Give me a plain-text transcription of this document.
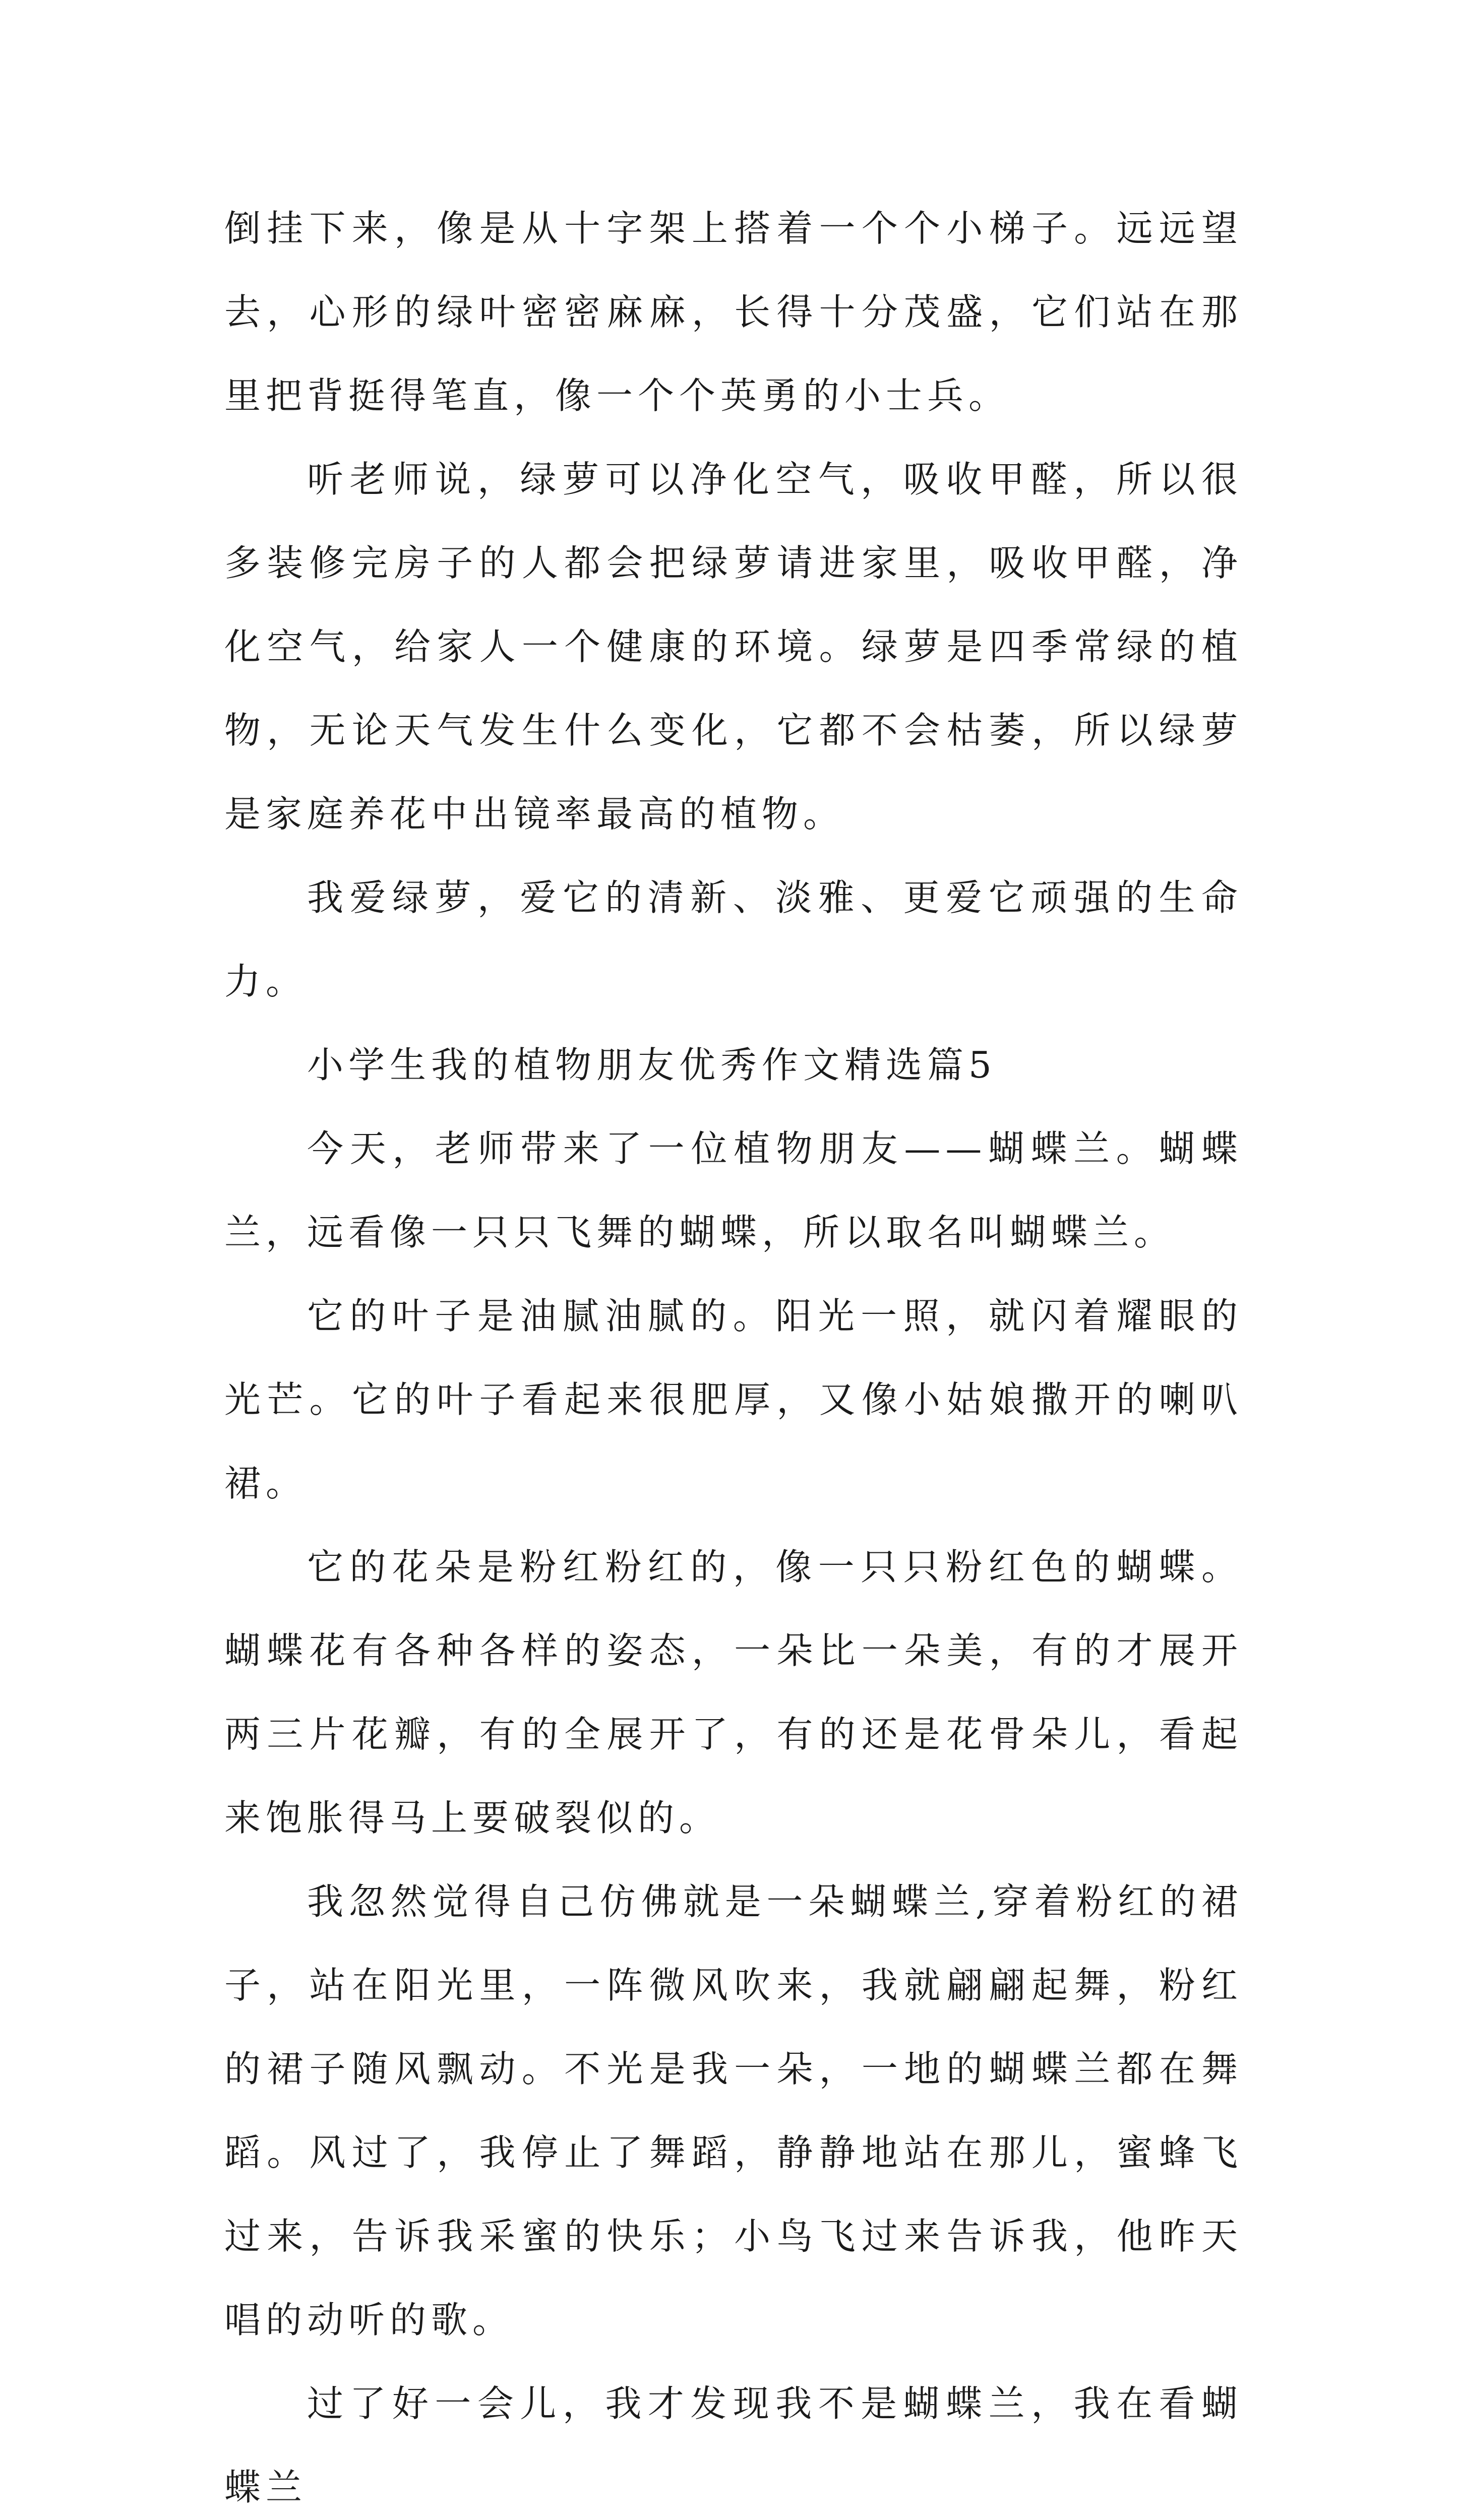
倒挂下来，像是从十字架上搭着一个个小梯子。远远望去，心形的绿叶密密麻麻，长得十分茂盛，它们站在那里把背挺得笔直，像一个个英勇的小士兵。

听老师说，绿萝可以净化空气，吸收甲醛，所以很多装修完房子的人都会把绿萝请进家里，吸收甲醛，净化空气，给家人一个健康的环境。绿萝是四季常绿的植物，无论天气发生什么变化，它都不会枯萎，所以绿萝是家庭养花中出镜率最高的植物。

我爱绿萝，爱它的清新、淡雅、更爱它顽强的生命力。

小学生我的植物朋友优秀作文精选篇5

今天，老师带来了一位植物朋友——蝴蝶兰。蝴蝶兰，远看像一只只飞舞的蝴蝶，所以取名叫蝴蝶兰。

它的叶子是油腻油腻的。阳光一照，就闪着耀眼的光芒。它的叶子看起来很肥厚，又像小姑娘撒开的喇叭裙。

它的花朵是粉红粉红的，像一只只粉红色的蝴蝶。蝴蝶花有各种各样的姿态，一朵比一朵美，有的才展开两三片花瓣，有的全展开了，有的还是花骨朵儿，看起来饱胀得马上要破裂似的。

我忽然觉得自己仿佛就是一朵蝴蝶兰,穿着粉红的裙子，站在阳光里，一阵微风吹来，我就翩翩起舞，粉红的裙子随风飘动。不光是我一朵，一地的蝴蝶兰都在舞蹈。风过了，我停止了舞蹈，静静地站在那儿，蜜蜂飞过来，告诉我采蜜的快乐；小鸟飞过来告诉我，他昨天唱的动听的歌。

过了好一会儿，我才发现我不是蝴蝶兰，我在看蝴蝶兰
